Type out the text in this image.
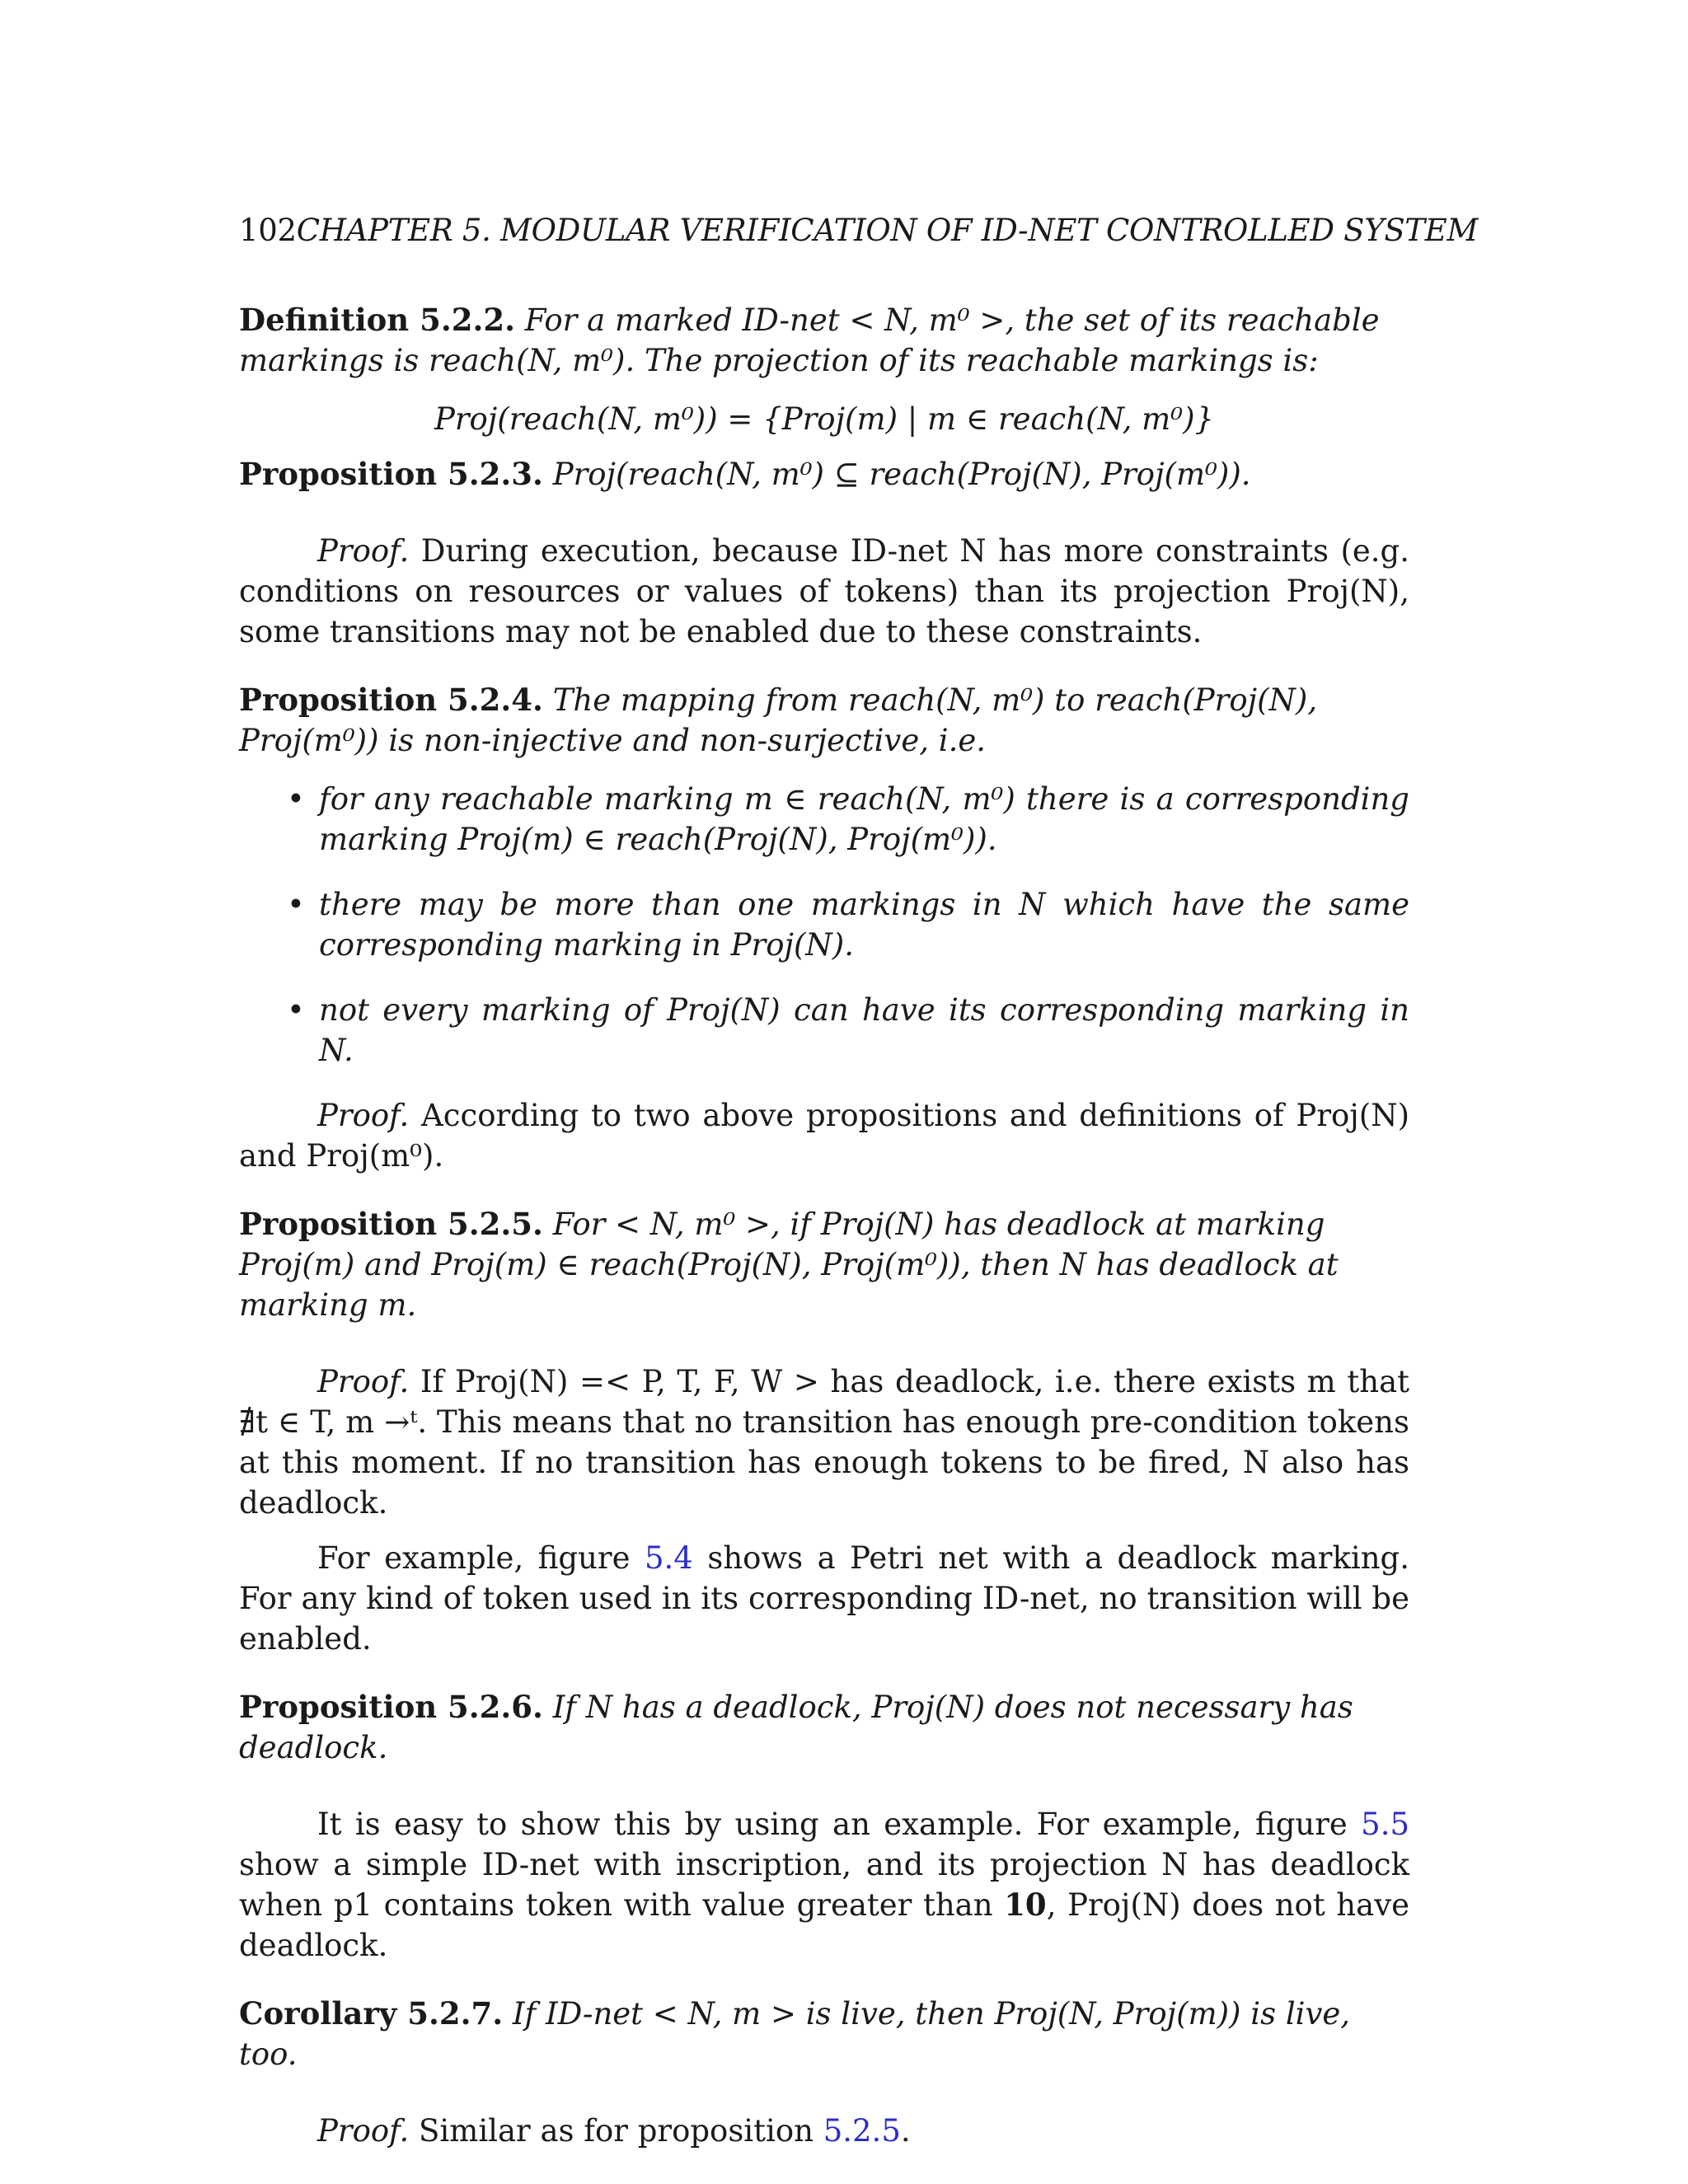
102CHAPTER 5. MODULAR VERIFICATION OF ID-NET CONTROLLED SYSTEM
Definition 5.2.2. For a marked ID-net < N, m⁰ >, the set of its reachable markings is reach(N, m⁰). The projection of its reachable markings is:
Proj(reach(N, m⁰)) = {Proj(m) | m ∈ reach(N, m⁰)}
Proposition 5.2.3. Proj(reach(N, m⁰) ⊆ reach(Proj(N), Proj(m⁰)).

Proof. During execution, because ID-net N has more constraints (e.g. conditions on resources or values of tokens) than its projection Proj(N), some transitions may not be enabled due to these constraints.

Proposition 5.2.4. The mapping from reach(N, m⁰) to reach(Proj(N), Proj(m⁰)) is non-injective and non-surjective, i.e.
• for any reachable marking m ∈ reach(N, m⁰) there is a corresponding marking Proj(m) ∈ reach(Proj(N), Proj(m⁰)).
• there may be more than one markings in N which have the same corresponding marking in Proj(N).
• not every marking of Proj(N) can have its corresponding marking in N.

Proof. According to two above propositions and definitions of Proj(N) and Proj(m⁰).

Proposition 5.2.5. For < N, m⁰ >, if Proj(N) has deadlock at marking Proj(m) and Proj(m) ∈ reach(Proj(N), Proj(m⁰)), then N has deadlock at marking m.

Proof. If Proj(N) =< P, T, F, W > has deadlock, i.e. there exists m that ∄t ∈ T, m →ᵗ. This means that no transition has enough pre-condition tokens at this moment. If no transition has enough tokens to be fired, N also has deadlock.

For example, figure 5.4 shows a Petri net with a deadlock marking. For any kind of token used in its corresponding ID-net, no transition will be enabled.

Proposition 5.2.6. If N has a deadlock, Proj(N) does not necessary has deadlock.

It is easy to show this by using an example. For example, figure 5.5 show a simple ID-net with inscription, and its projection N has deadlock when p1 contains token with value greater than 10, Proj(N) does not have deadlock.

Corollary 5.2.7. If ID-net < N, m > is live, then Proj(N, Proj(m)) is live, too.

Proof. Similar as for proposition 5.2.5.
